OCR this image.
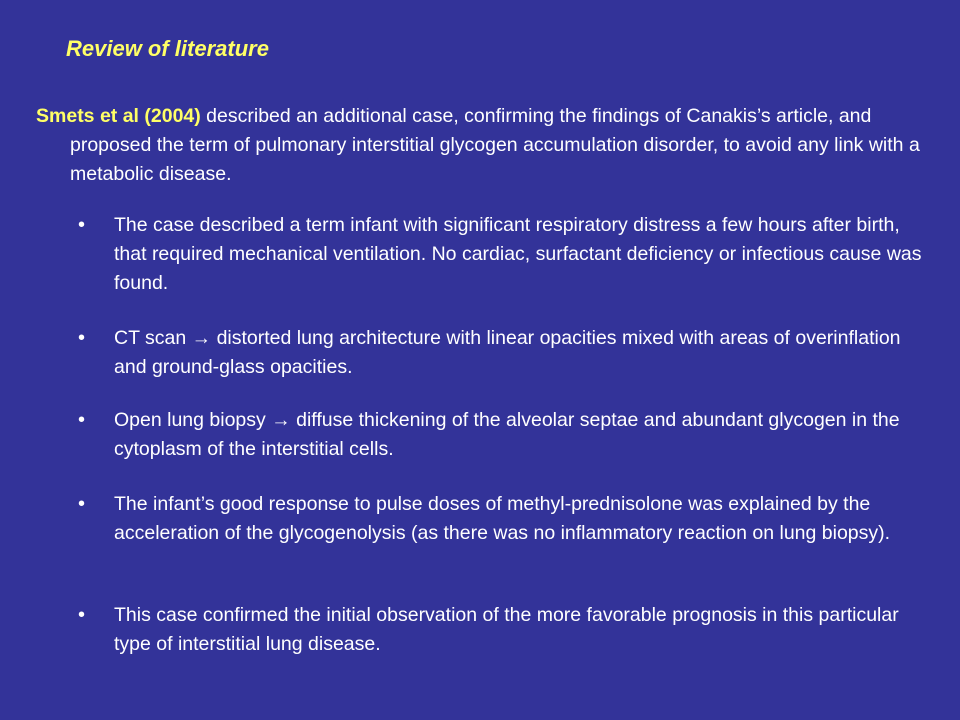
Review of literature
Smets et al (2004) described an additional case, confirming the findings of Canakis’s article, and proposed the term of pulmonary interstitial glycogen accumulation disorder, to avoid any link with a metabolic disease.
•	The case described a term infant with significant respiratory distress a few hours after birth, that required mechanical ventilation. No cardiac, surfactant deficiency or infectious cause was found.
•	CT scan → distorted lung architecture with linear opacities mixed with areas of overinflation and ground-glass opacities.
•	Open lung biopsy → diffuse thickening of the alveolar septae and abundant glycogen in the cytoplasm of the interstitial cells.
•	The infant’s good response to pulse doses of methyl-prednisolone was explained by the acceleration of the glycogenolysis (as there was no inflammatory reaction on lung biopsy).
•	This case confirmed the initial observation of the more favorable prognosis in this particular type of interstitial lung disease.
